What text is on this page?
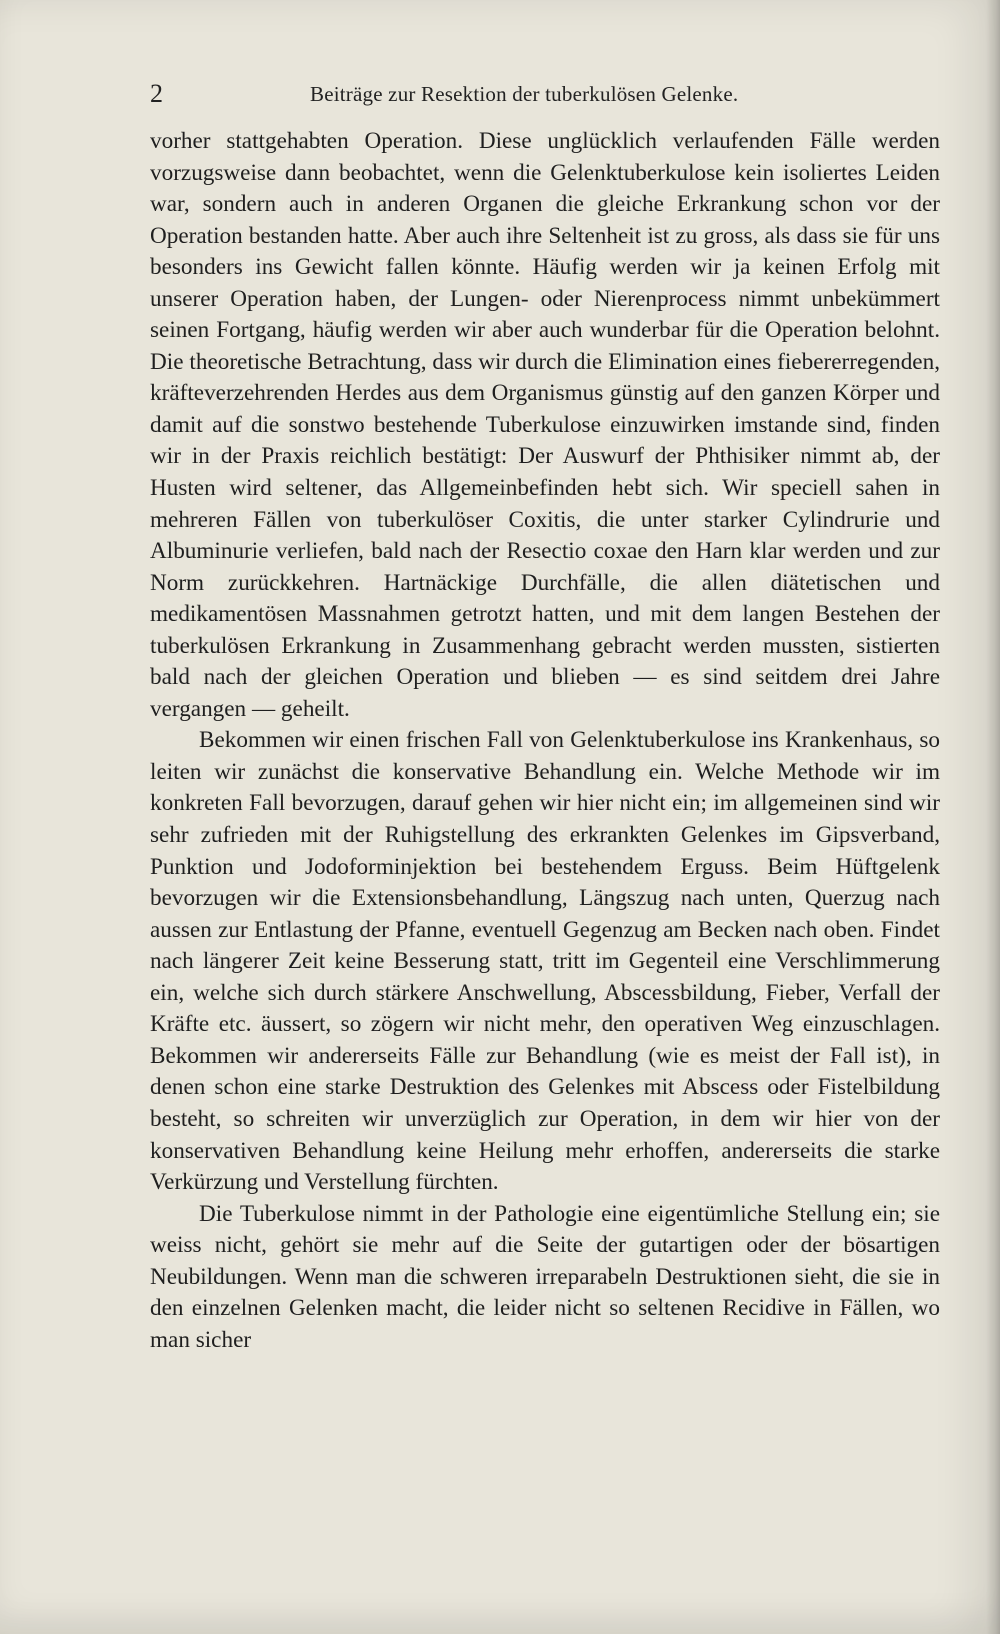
2	Beiträge zur Resektion der tuberkulösen Gelenke.

vorher stattgehabten Operation. Diese unglücklich verlaufenden Fälle werden vorzugsweise dann beobachtet, wenn die Gelenktuberkulose kein isoliertes Leiden war, sondern auch in anderen Organen die gleiche Erkrankung schon vor der Operation bestanden hatte. Aber auch ihre Seltenheit ist zu gross, als dass sie für uns besonders ins Gewicht fallen könnte. Häufig werden wir ja keinen Erfolg mit unserer Operation haben, der Lungen- oder Nierenprocess nimmt unbekümmert seinen Fortgang, häufig werden wir aber auch wunderbar für die Operation belohnt. Die theoretische Betrachtung, dass wir durch die Elimination eines fiebererregenden, kräfteverzehrenden Herdes aus dem Organismus günstig auf den ganzen Körper und damit auf die sonstwo bestehende Tuberkulose einzuwirken imstande sind, finden wir in der Praxis reichlich bestätigt: Der Auswurf der Phthisiker nimmt ab, der Husten wird seltener, das Allgemeinbefinden hebt sich. Wir speciell sahen in mehreren Fällen von tuberkulöser Coxitis, die unter starker Cylindrurie und Albuminurie verliefen, bald nach der Resectio coxae den Harn klar werden und zur Norm zurückkehren. Hartnäckige Durchfälle, die allen diätetischen und medikamentösen Massnahmen getrotzt hatten, und mit dem langen Bestehen der tuberkulösen Erkrankung in Zusammenhang gebracht werden mussten, sistierten bald nach der gleichen Operation und blieben — es sind seitdem drei Jahre vergangen — geheilt.

Bekommen wir einen frischen Fall von Gelenktuberkulose ins Krankenhaus, so leiten wir zunächst die konservative Behandlung ein. Welche Methode wir im konkreten Fall bevorzugen, darauf gehen wir hier nicht ein; im allgemeinen sind wir sehr zufrieden mit der Ruhigstellung des erkrankten Gelenkes im Gipsverband, Punktion und Jodoforminjektion bei bestehendem Erguss. Beim Hüftgelenk bevorzugen wir die Extensionsbehandlung, Längszug nach unten, Querzug nach aussen zur Entlastung der Pfanne, eventuell Gegenzug am Becken nach oben. Findet nach längerer Zeit keine Besserung statt, tritt im Gegenteil eine Verschlimmerung ein, welche sich durch stärkere Anschwellung, Abscessbildung, Fieber, Verfall der Kräfte etc. äussert, so zögern wir nicht mehr, den operativen Weg einzuschlagen. Bekommen wir andererseits Fälle zur Behandlung (wie es meist der Fall ist), in denen schon eine starke Destruktion des Gelenkes mit Abscess oder Fistelbildung besteht, so schreiten wir unverzüglich zur Operation, in dem wir hier von der konservativen Behandlung keine Heilung mehr erhoffen, andererseits die starke Verkürzung und Verstellung fürchten.

Die Tuberkulose nimmt in der Pathologie eine eigentümliche Stellung ein; sie weiss nicht, gehört sie mehr auf die Seite der gutartigen oder der bösartigen Neubildungen. Wenn man die schweren irreparabeln Destruktionen sieht, die sie in den einzelnen Gelenken macht, die leider nicht so seltenen Recidive in Fällen, wo man sicher
